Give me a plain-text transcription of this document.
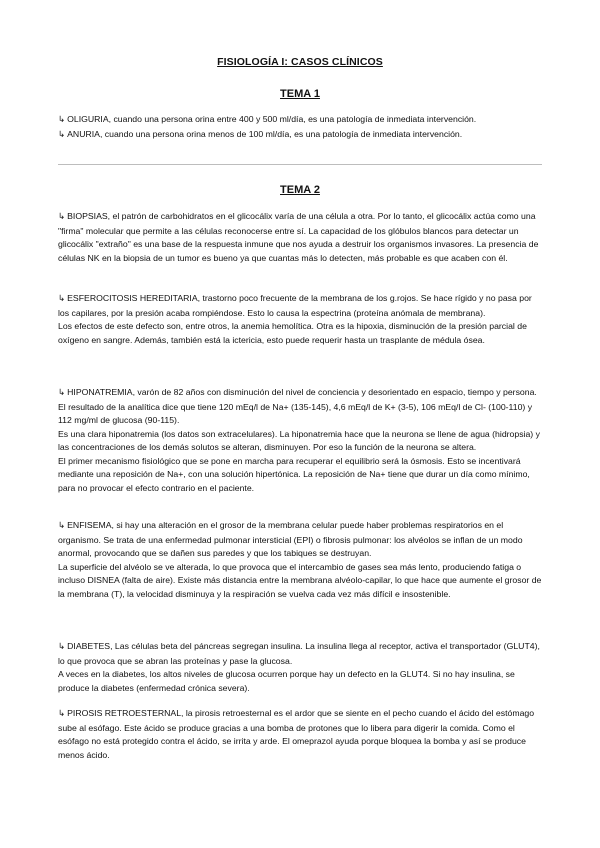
FISIOLOGÍA I: CASOS CLÍNICOS
TEMA 1

↳ OLIGURIA, cuando una persona orina entre 400 y 500 ml/día, es una patología de inmediata intervención.

↳ ANURIA, cuando una persona orina menos de 100 ml/día, es una patología de inmediata intervención.

TEMA 2

↳ BIOPSIAS, el patrón de carbohidratos en el glicocálix varía de una célula a otra. Por lo tanto, el glicocálix actúa como una "firma" molecular que permite a las células reconocerse entre sí. La capacidad de los glóbulos blancos para detectar un glicocálix "extraño" es una base de la respuesta inmune que nos ayuda a destruir los organismos invasores. La presencia de células NK en la biopsia de un tumor es bueno ya que cuantas más lo detecten, más probable es que acaben con él.

↳ ESFEROCITOSIS HEREDITARIA, trastorno poco frecuente de la membrana de los g.rojos. Se hace rígido y no pasa por los capilares, por la presión acaba rompiéndose. Esto lo causa la espectrina (proteína anómala de membrana).

Los efectos de este defecto son, entre otros, la anemia hemolítica. Otra es la hipoxia, disminución de la presión parcial de oxígeno en sangre. Además, también está la ictericia, esto puede requerir hasta un trasplante de médula ósea.

↳ HIPONATREMIA, varón de 82 años con disminución del nivel de conciencia y desorientado en espacio, tiempo y persona. El resultado de la analítica dice que tiene 120 mEq/l de Na+ (135-145), 4,6 mEq/l de K+ (3-5), 106 mEq/l de Cl- (100-110) y 112 mg/ml de glucosa (90-115).

Es una clara hiponatremia (los datos son extracelulares). La hiponatremia hace que la neurona se llene de agua (hidropsia) y las concentraciones de los demás solutos se alteran, disminuyen. Por eso la función de la neurona se altera.

El primer mecanismo fisiológico que se pone en marcha para recuperar el equilibrio será la ósmosis. Esto se incentivará mediante una reposición de Na+, con una solución hipertónica. La reposición de Na+ tiene que durar un día como mínimo, para no provocar el efecto contrario en el paciente.

↳ ENFISEMA, si hay una alteración en el grosor de la membrana celular puede haber problemas respiratorios en el organismo. Se trata de una enfermedad pulmonar intersticial (EPI) o fibrosis pulmonar: los alvéolos se inflan de un modo anormal, provocando que se dañen sus paredes y que los tabiques se destruyan.

La superficie del alvéolo se ve alterada, lo que provoca que el intercambio de gases sea más lento, produciendo fatiga o incluso DISNEA (falta de aire). Existe más distancia entre la membrana alvéolo-capilar, lo que hace que aumente el grosor de la membrana (T), la velocidad disminuya y la respiración se vuelva cada vez más difícil e insostenible.

↳ DIABETES, Las células beta del páncreas segregan insulina. La insulina llega al receptor, activa el transportador (GLUT4), lo que provoca que se abran las proteínas y pase la glucosa.

A veces en la diabetes, los altos niveles de glucosa ocurren porque hay un defecto en la GLUT4. Si no hay insulina, se produce la diabetes (enfermedad crónica severa).

↳ PIROSIS RETROESTERNAL, la pirosis retroesternal es el ardor que se siente en el pecho cuando el ácido del estómago sube al esófago. Este ácido se produce gracias a una bomba de protones que lo libera para digerir la comida. Como el esófago no está protegido contra el ácido, se irrita y arde. El omeprazol ayuda porque bloquea la bomba y así se produce menos ácido.
